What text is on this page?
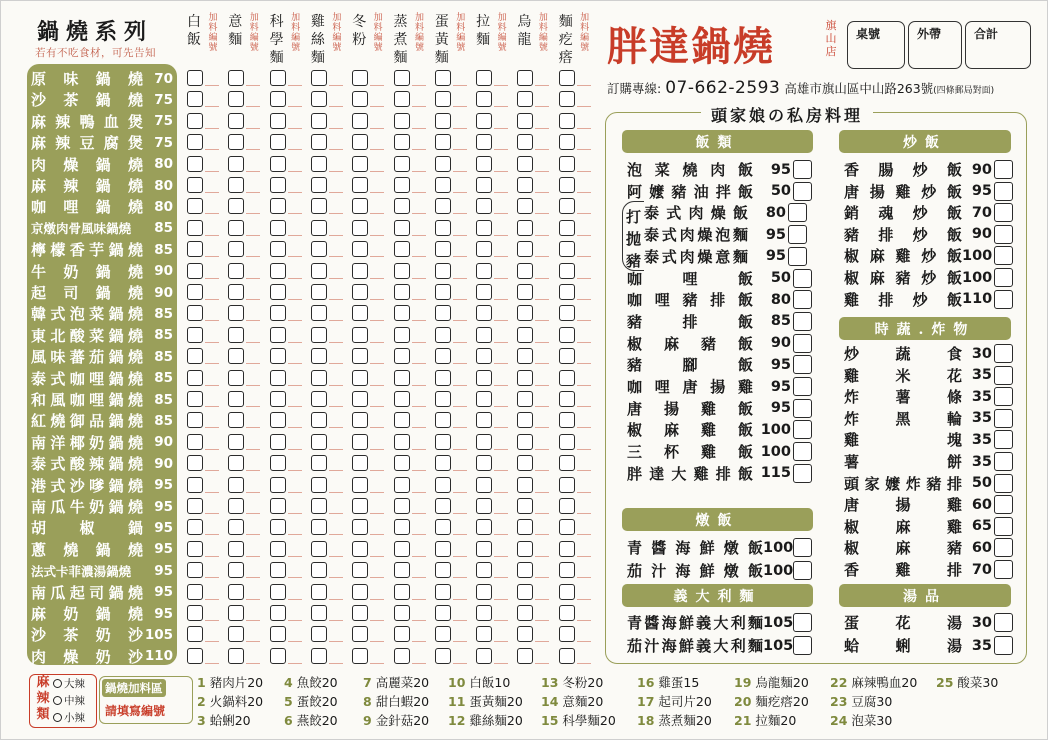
鍋燒系列
若有不吃食材，可先告知	胖達鍋燒	旗山店
桌號	外帶	合計
訂購專線: 07-662-2593 高雄市旗山區中山路263號(四條郵局對面)
頭家娘の私房料理
打
抛
豬
飯類
泡 菜 燒 肉 飯	95
阿 嬤 豬 油 拌 飯	50
泰 式 肉 燥 飯	80
泰 式 肉 燥 泡 麵	95
泰 式 肉 燥 意 麵	95
咖	哩	飯	50
咖 哩 豬 排 飯	80
豬	排	飯	85
椒 麻 豬 飯	90
豬	腳	飯	95
咖 哩 唐 揚 雞	95
唐 揚 雞 飯	95
椒 麻 雞 飯 100
三 杯 雞 飯 100
胖 達 大 雞 排 飯 115
燉飯
青 醬 海 鮮 燉 飯 100
茄 汁 海 鮮 燉 飯 100
義大利麵
青 醬 海 鮮 義 大 利 麵 105
茄 汁 海 鮮 義 大 利 麵 105
炒飯
香 腸 炒 飯 90
唐 揚 雞 炒 飯 95
銷 魂 炒 飯 70
豬 排 炒 飯 90
椒 麻 雞 炒 飯 100
椒 麻 豬 炒 飯 100
雞 排 炒 飯 110
時蔬.炸物
炒 蔬 食 30
雞 米 花 35
炸 薯 條 35
炸 黑 輪 35
雞	塊 35
薯	餅 35
頭 家 嬤 炸 豬 排 50
唐 揚 雞 60
椒 麻 雞 65
椒 麻 豬 60
香 雞 排 70
湯品
蛋 花 湯 30
蛤 蜊 湯 35
麻辣類
大辣
中辣
小辣
鍋燒加料區
請填寫編號
1 豬肉片20
2 火鍋料20
3 蛤蜊20
4 魚餃20
5 蛋餃20
6 燕餃20
7 高麗菜20
8 甜白蝦20
9 金針菇20
10 白飯10
11 蛋黃麵20
12 雞絲麵20
13 冬粉20
14 意麵20
15 科學麵20
16 雞蛋15
17 起司片20
18 蒸煮麵20
19 烏龍麵20
20 麵疙瘩20
21 拉麵20
22 麻辣鴨血20
23 豆腐30
24 泡菜30
25 酸菜30
原 味 鍋 燒 70
沙 茶 鍋 燒 75
麻 辣 鴨 血 煲 75
麻 辣 豆 腐 煲 75
肉 燥 鍋 燒 80
麻 辣 鍋 燒 80
咖 哩 鍋 燒 80
京 燉 肉 骨 風 味 鍋 燒 85
檸 檬 香 芋 鍋 燒 85
牛 奶 鍋 燒 90
起 司 鍋 燒 90
韓 式 泡 菜 鍋 燒 85
東 北 酸 菜 鍋 燒 85
風 味 蕃 茄 鍋 燒 85
泰 式 咖 哩 鍋 燒 85
和 風 咖 哩 鍋 燒 85
紅 燒 御 品 鍋 燒 85
南 洋 椰 奶 鍋 燒 90
泰 式 酸 辣 鍋 燒 90
港 式 沙 嗲 鍋 燒 95
南 瓜 牛 奶 鍋 燒 95
胡 椒 鍋 95
蔥 燒 鍋 燒 95
法 式 卡 菲 濃 湯 鍋 燒 95
南 瓜 起 司 鍋 燒 95
麻 奶 鍋 燒 95
沙 茶 奶 沙 105
肉 燥 奶 沙 110
白
飯
加
料
編
號
意
麵
加
料
編
號
科
學
麵
加
料
編
號
雞
絲
麵
加
料
編
號
冬
粉
加
料
編
號
蒸
煮
麵
加
料
編
號
蛋
黃
麵
加
料
編
號
拉
麵
加
料
編
號
烏
龍
加
料
編
號
麵
疙
瘩
加
料
編
號
